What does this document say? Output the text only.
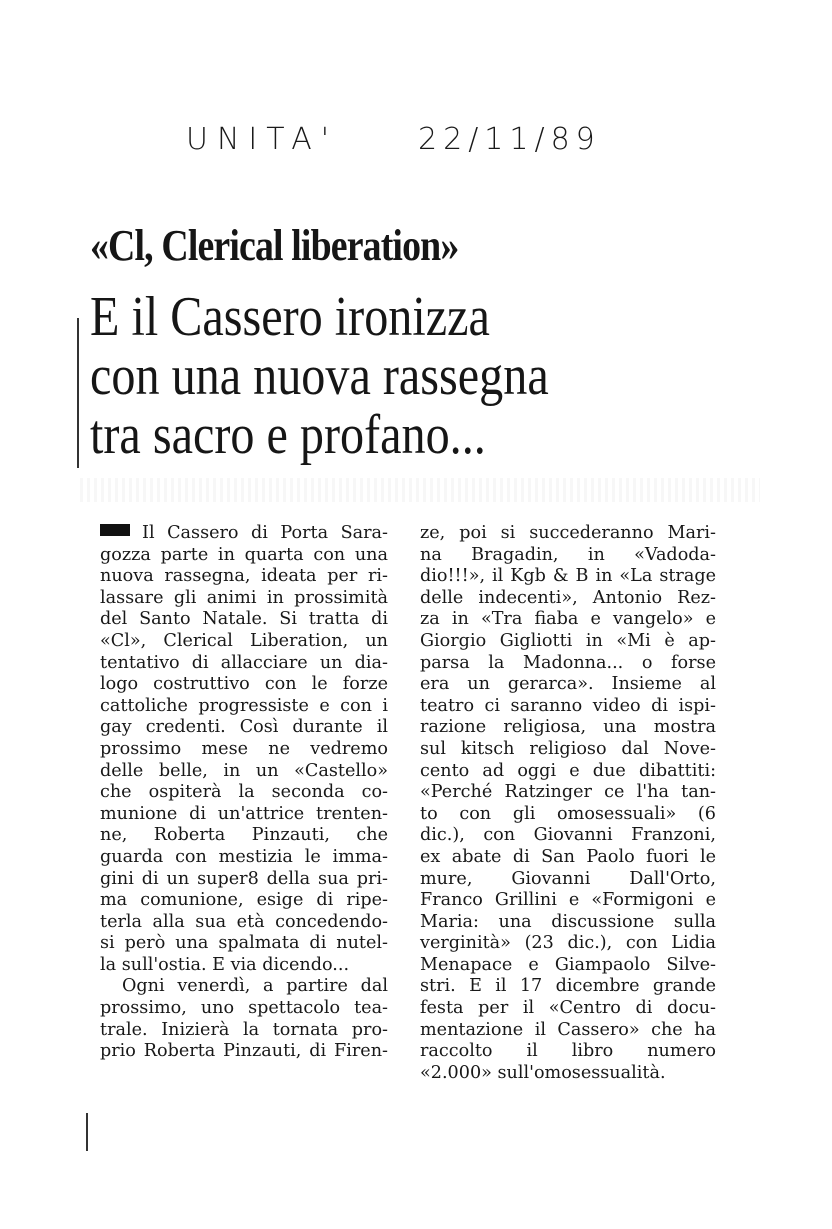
UNITA'	22/11/89
«Cl, Clerical liberation»
E il Cassero ironizza
con una nuova rassegna
tra sacro e profano...
Il Cassero di Porta Sara-
gozza parte in quarta con una
nuova rassegna, ideata per ri-
lassare gli animi in prossimità
del Santo Natale. Si tratta di
«Cl», Clerical Liberation, un
tentativo di allacciare un dia-
logo costruttivo con le forze
cattoliche progressiste e con i
gay credenti. Così durante il
prossimo mese ne vedremo
delle belle, in un «Castello»
che ospiterà la seconda co-
munione di un'attrice trenten-
ne, Roberta Pinzauti, che
guarda con mestizia le imma-
gini di un super8 della sua pri-
ma comunione, esige di ripe-
terla alla sua età concedendo-
si però una spalmata di nutel-
la sull'ostia. E via dicendo...
Ogni venerdì, a partire dal
prossimo, uno spettacolo tea-
trale. Inizierà la tornata pro-
prio Roberta Pinzauti, di Firen-
ze, poi si succederanno Mari-
na Bragadin, in «Vadoda-
dio!!!», il Kgb & B in «La strage
delle indecenti», Antonio Rez-
za in «Tra fiaba e vangelo» e
Giorgio Gigliotti in «Mi è ap-
parsa la Madonna... o forse
era un gerarca». Insieme al
teatro ci saranno video di ispi-
razione religiosa, una mostra
sul kitsch religioso dal Nove-
cento ad oggi e due dibattiti:
«Perché Ratzinger ce l'ha tan-
to con gli omosessuali» (6
dic.), con Giovanni Franzoni,
ex abate di San Paolo fuori le
mure, Giovanni Dall'Orto,
Franco Grillini e «Formigoni e
Maria: una discussione sulla
verginità» (23 dic.), con Lidia
Menapace e Giampaolo Silve-
stri. E il 17 dicembre grande
festa per il «Centro di docu-
mentazione il Cassero» che ha
raccolto il libro numero
«2.000» sull'omosessualità.
